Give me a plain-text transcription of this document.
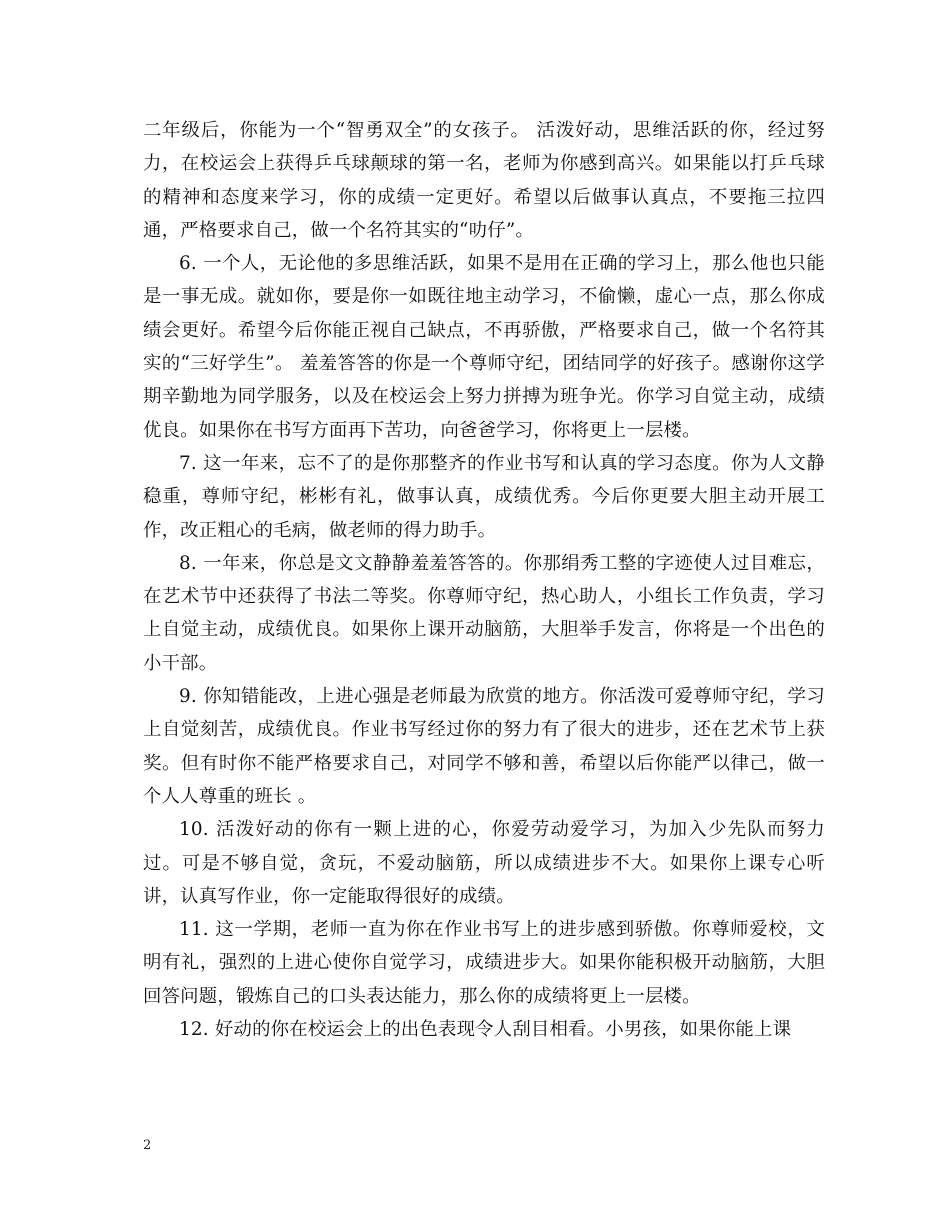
二年级后，你能为一个“智勇双全”的女孩子。 活泼好动，思维活跃的你，经过努力，在校运会上获得乒乓球颠球的第一名，老师为你感到高兴。如果能以打乒乓球的精神和态度来学习，你的成绩一定更好。希望以后做事认真点，不要拖三拉四通，严格要求自己，做一个名符其实的“叻仔”。

6. 一个人，无论他的多思维活跃，如果不是用在正确的学习上，那么他也只能是一事无成。就如你，要是你一如既往地主动学习，不偷懒，虚心一点，那么你成绩会更好。希望今后你能正视自己缺点，不再骄傲，严格要求自己，做一个名符其实的“三好学生”。 羞羞答答的你是一个尊师守纪，团结同学的好孩子。感谢你这学期辛勤地为同学服务，以及在校运会上努力拼搏为班争光。你学习自觉主动，成绩优良。如果你在书写方面再下苦功，向爸爸学习，你将更上一层楼。

7. 这一年来，忘不了的是你那整齐的作业书写和认真的学习态度。你为人文静稳重，尊师守纪，彬彬有礼，做事认真，成绩优秀。今后你更要大胆主动开展工作，改正粗心的毛病，做老师的得力助手。

8. 一年来，你总是文文静静羞羞答答的。你那绢秀工整的字迹使人过目难忘，在艺术节中还获得了书法二等奖。你尊师守纪，热心助人，小组长工作负责，学习上自觉主动，成绩优良。如果你上课开动脑筋，大胆举手发言，你将是一个出色的小干部。

9. 你知错能改，上进心强是老师最为欣赏的地方。你活泼可爱尊师守纪，学习上自觉刻苦，成绩优良。作业书写经过你的努力有了很大的进步，还在艺术节上获奖。但有时你不能严格要求自己，对同学不够和善，希望以后你能严以律己，做一个人人尊重的班长 。

10. 活泼好动的你有一颗上进的心，你爱劳动爱学习，为加入少先队而努力过。可是不够自觉，贪玩，不爱动脑筋，所以成绩进步不大。如果你上课专心听讲，认真写作业，你一定能取得很好的成绩。

11. 这一学期，老师一直为你在作业书写上的进步感到骄傲。你尊师爱校，文明有礼，强烈的上进心使你自觉学习，成绩进步大。如果你能积极开动脑筋，大胆回答问题，锻炼自己的口头表达能力，那么你的成绩将更上一层楼。

12. 好动的你在校运会上的出色表现令人刮目相看。小男孩，如果你能上课

2
